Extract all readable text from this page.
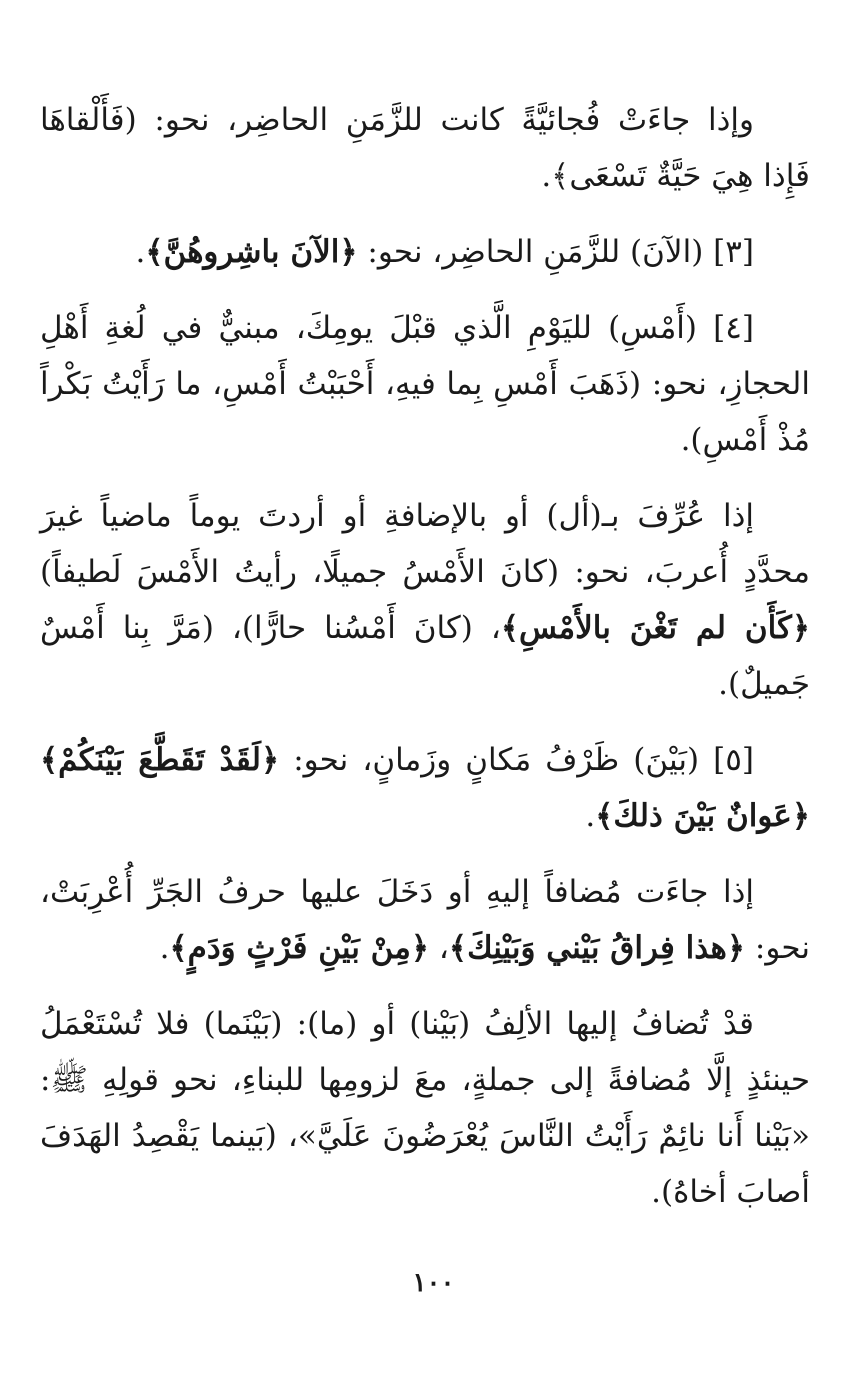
وإذا جاءَتْ فُجائيَّةً كانت للزَّمَنِ الحاضِر، نحو: (فَأَلْقاهَا فَإِذا هِيَ حَيَّةٌ تَسْعَى﴾.

[٣] (الآنَ) للزَّمَنِ الحاضِر، نحو: ﴿الآنَ باشِروهُنَّ﴾.

[٤] (أَمْسِ) لليَوْمِ الَّذي قبْلَ يومِكَ، مبنيٌّ في لُغةِ أَهْلِ الحجازِ، نحو: (ذَهَبَ أَمْسِ بِما فيهِ، أَحْبَبْتُ أَمْسِ، ما رَأَيْتُ بَكْراً مُذْ أَمْسِ).

إذا عُرِّفَ بـ(أل) أو بالإضافةِ أو أردتَ يوماً ماضياً غيرَ محدَّدٍ أُعربَ، نحو: (كانَ الأَمْسُ جميلًا، رأيتُ الأَمْسَ لَطيفاً) ﴿كَأَن لم تَغْنَ بالأَمْسِ﴾، (كانَ أَمْسُنا حارًّا)، (مَرَّ بِنا أَمْسٌ جَميلٌ).

[٥] (بَيْنَ) ظَرْفُ مَكانٍ وزَمانٍ، نحو: ﴿لَقَدْ تَقَطَّعَ بَيْنَكُمْ﴾﴿عَوانٌ بَيْنَ ذلكَ﴾.

إذا جاءَت مُضافاً إليهِ أو دَخَلَ عليها حرفُ الجَرِّ أُعْرِبَتْ، نحو: ﴿هذا فِراقُ بَيْني وَبَيْنِكَ﴾، ﴿مِنْ بَيْنِ فَرْثٍ وَدَمٍ﴾.

قدْ تُضافُ إليها الألِفُ (بَيْنا) أو (ما): (بَيْنَما) فلا تُسْتَعْمَلُ حينئذٍ إلَّا مُضافةً إلى جملةٍ، معَ لزومِها للبناءِ، نحو قولِهِ ﷺ: «بَيْنا أَنا نائِمٌ رَأَيْتُ النَّاسَ يُعْرَضُونَ عَلَيَّ»، (بَينما يَقْصِدُ الهَدَفَ أصابَ أخاهُ).

١٠٠
